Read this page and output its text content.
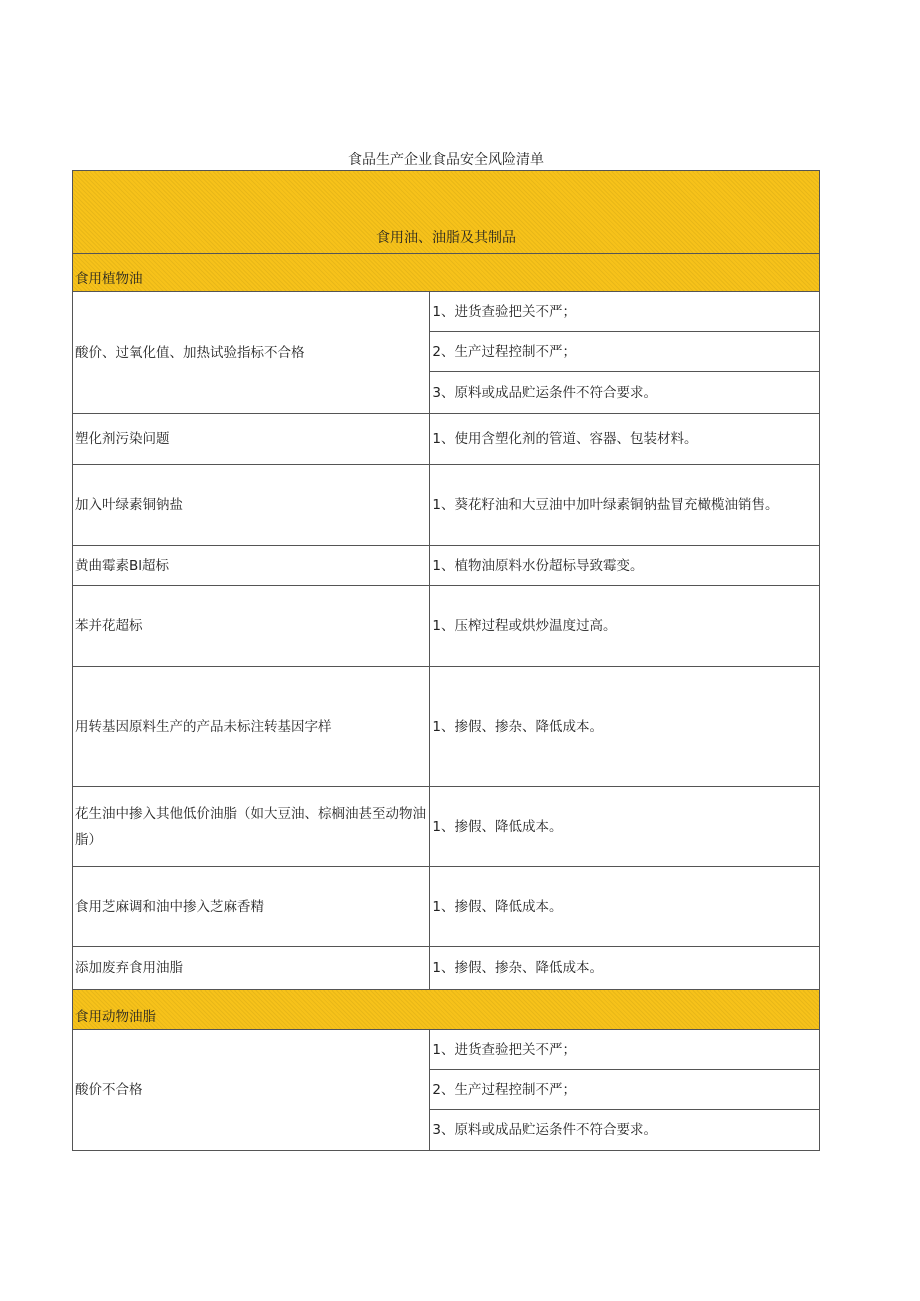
食品生产企业食品安全风险清单
食用油、油脂及其制品	
食用植物油	
酸价、过氧化值、加热试验指标不合格	1、进货查验把关不严；
	2、生产过程控制不严；
	3、原料或成品贮运条件不符合要求。
塑化剂污染问题	1、使用含塑化剂的管道、容器、包装材料。
加入叶绿素铜钠盐	1、葵花籽油和大豆油中加叶绿素铜钠盐冒充橄榄油销售。
黄曲霉素Bl超标	1、植物油原料水份超标导致霉变。
苯并花超标	1、压榨过程或烘炒温度过高。
用转基因原料生产的产品未标注转基因字样	1、掺假、掺杂、降低成本。
花生油中掺入其他低价油脂（如大豆油、棕榈油甚至动物油脂）	1、掺假、降低成本。
食用芝麻调和油中掺入芝麻香精	1、掺假、降低成本。
添加废弃食用油脂	1、掺假、掺杂、降低成本。
食用动物油脂	
酸价不合格	1、进货查验把关不严；
	2、生产过程控制不严；
	3、原料或成品贮运条件不符合要求。
